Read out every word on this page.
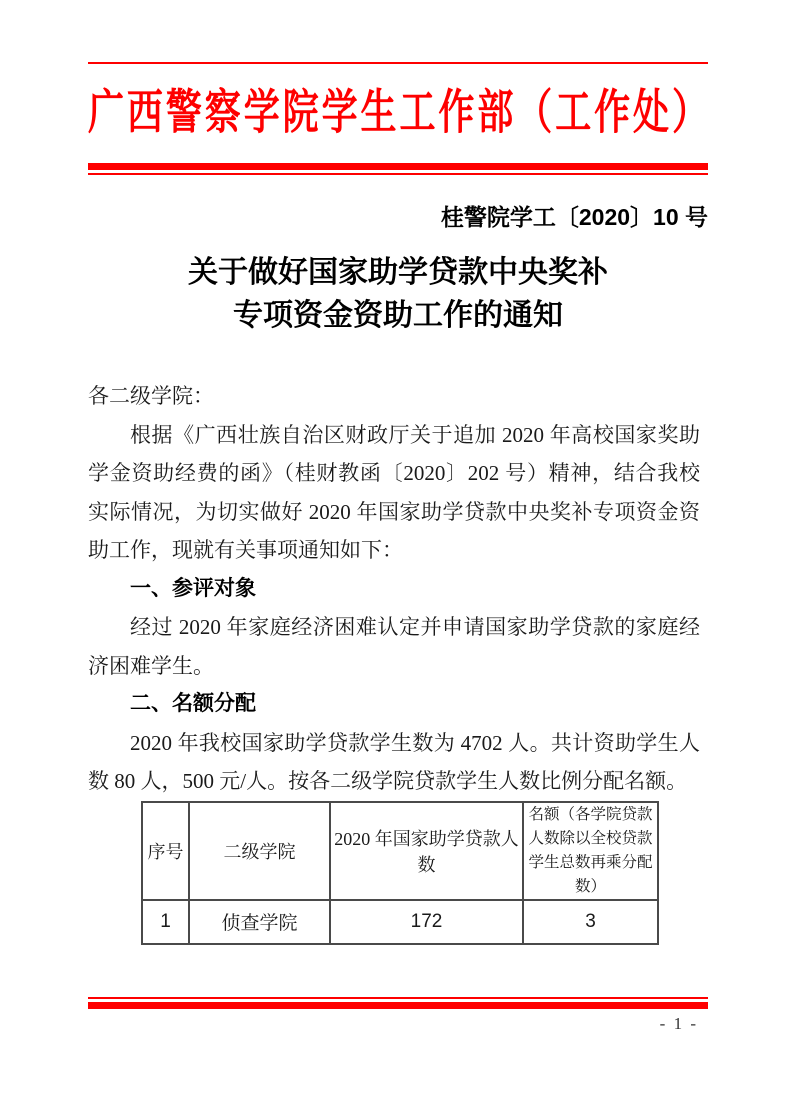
广西警察学院学生工作部（工作处）
桂警院学工〔2020〕10 号
关于做好国家助学贷款中央奖补
专项资金资助工作的通知
各二级学院：
根据《广西壮族自治区财政厅关于追加 2020 年高校国家奖助学金资助经费的函》（桂财教函〔2020〕202 号）精神，结合我校实际情况，为切实做好 2020 年国家助学贷款中央奖补专项资金资助工作，现就有关事项通知如下：
一、参评对象
经过 2020 年家庭经济困难认定并申请国家助学贷款的家庭经济困难学生。
二、名额分配
2020 年我校国家助学贷款学生数为 4702 人。共计资助学生人数 80 人，500 元/人。按各二级学院贷款学生人数比例分配名额。
序号	二级学院	2020 年国家助学贷款人数	名额（各学院贷款人数除以全校贷款学生总数再乘分配数）
1	侦查学院	172	3
- 1 -
